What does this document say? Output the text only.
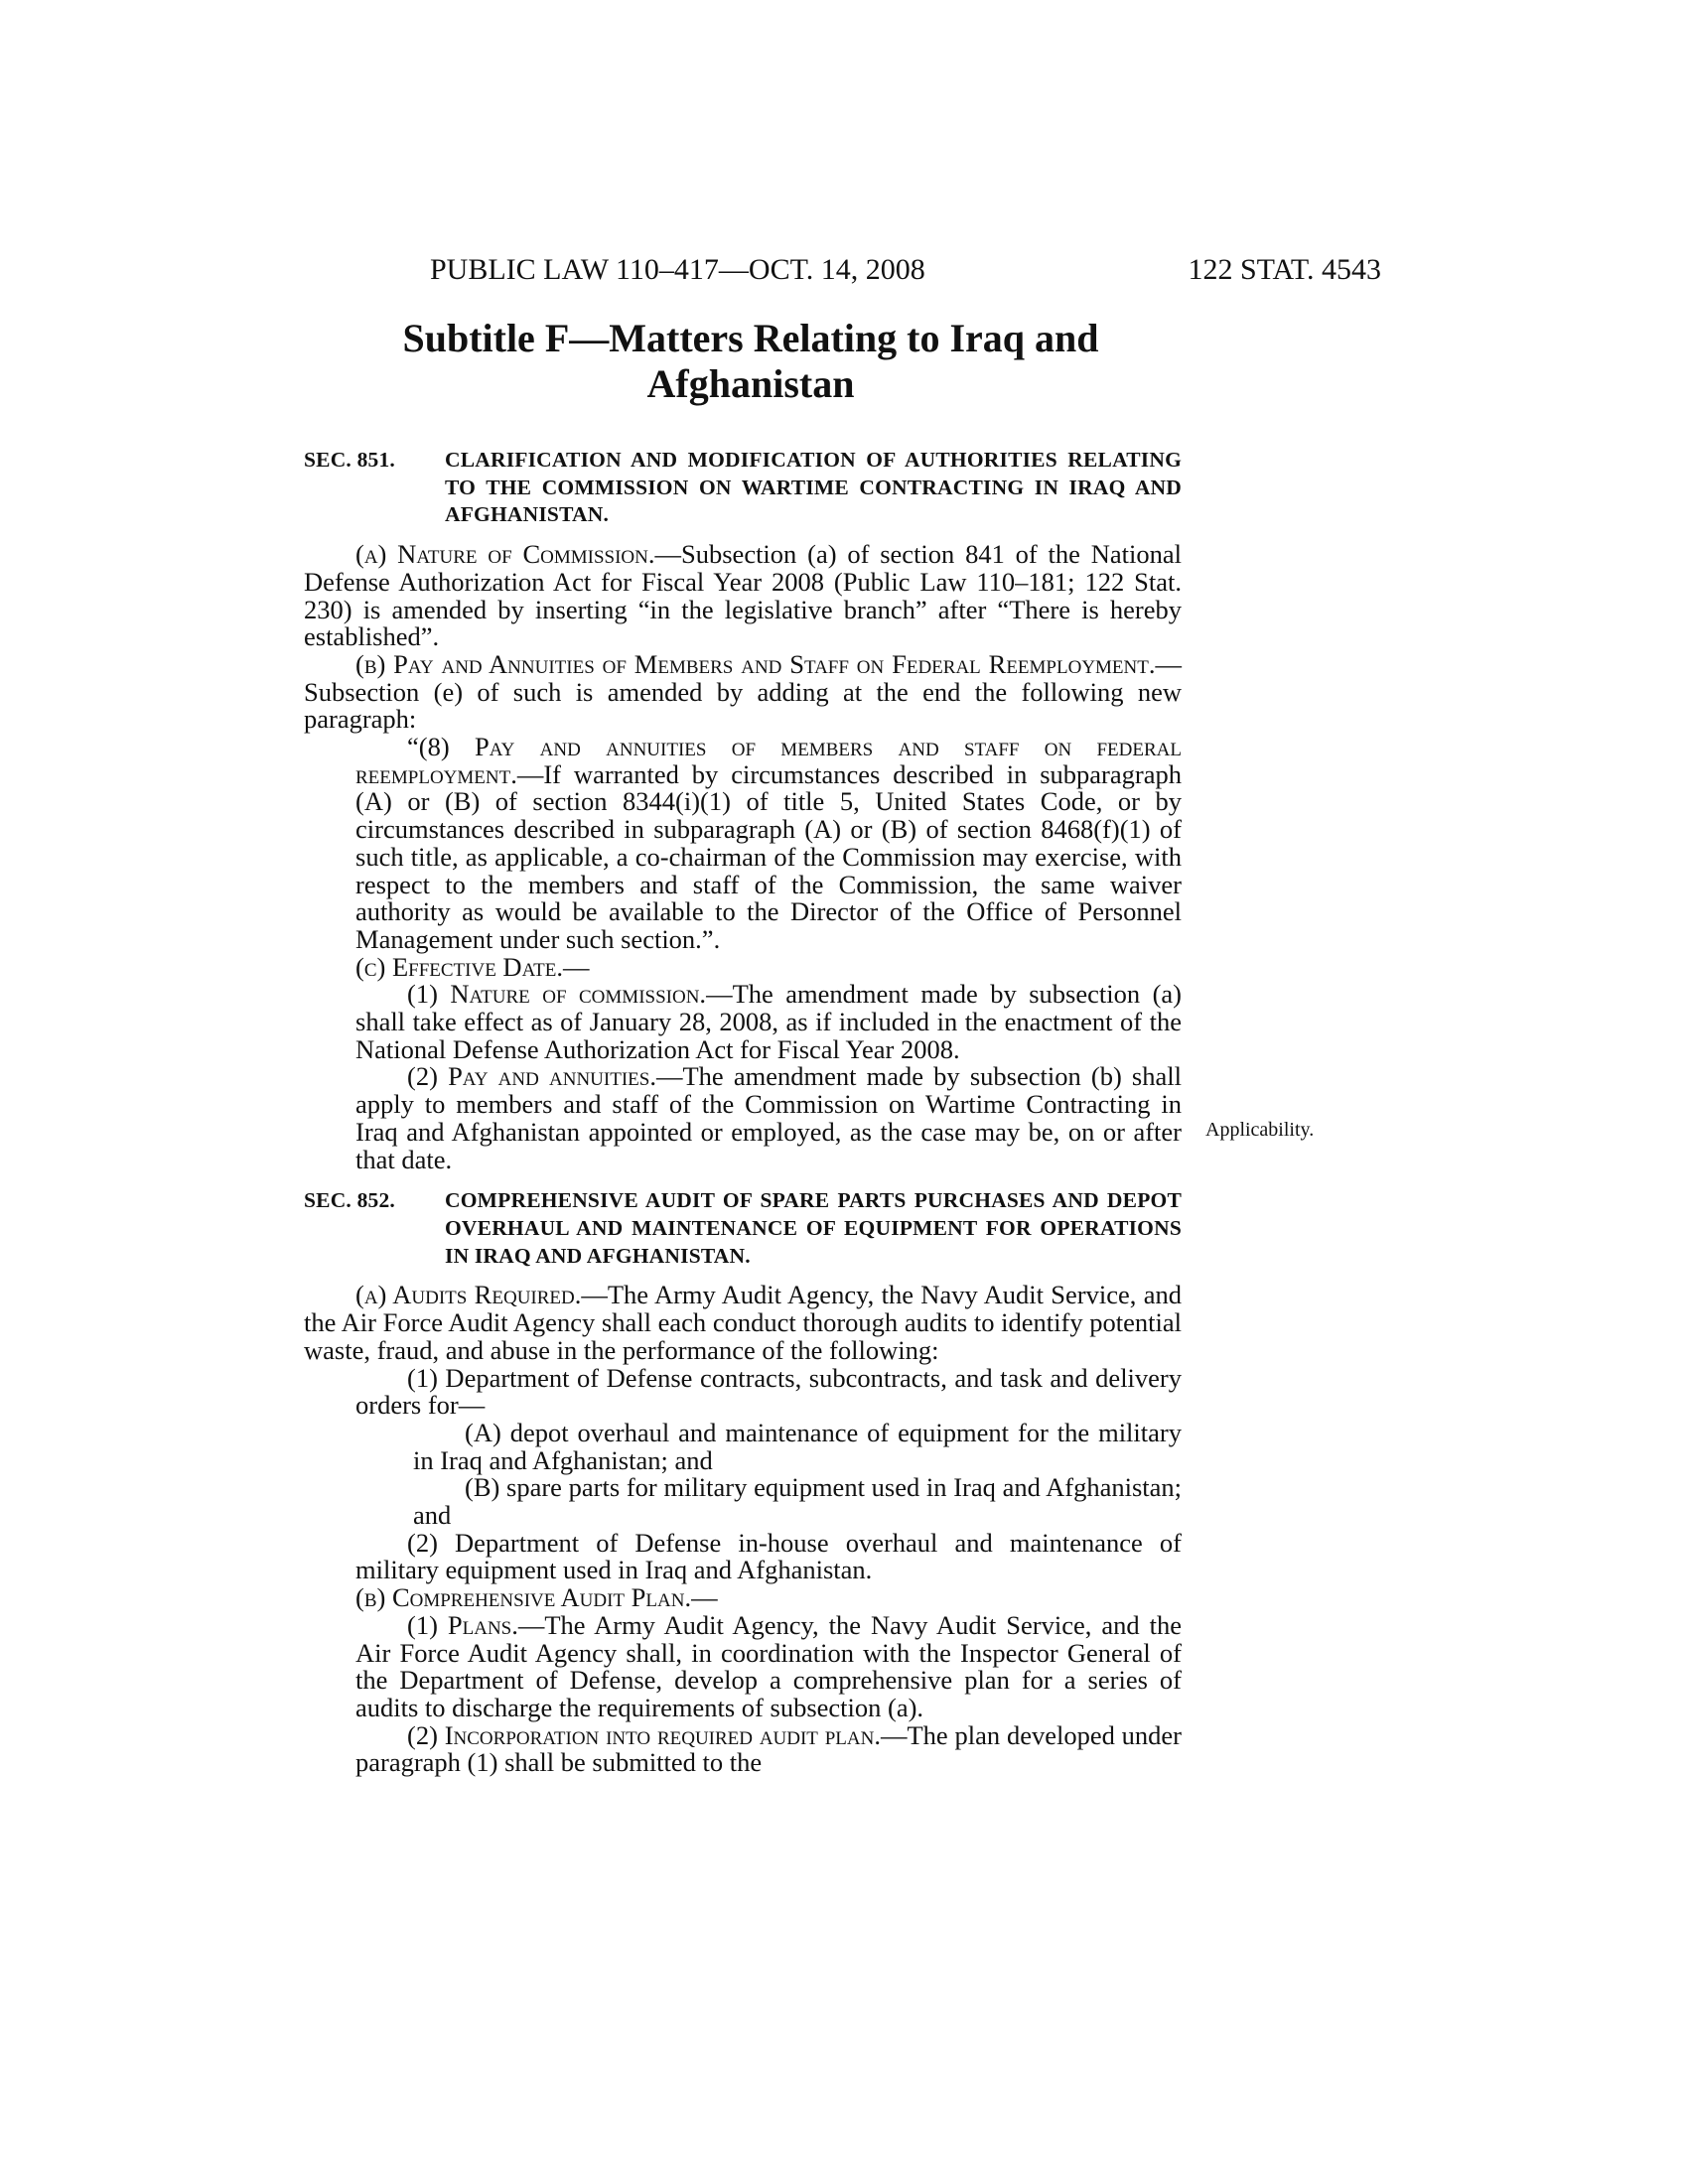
PUBLIC LAW 110–417—OCT. 14, 2008	122 STAT. 4543
Subtitle F—Matters Relating to Iraq and
Afghanistan
SEC. 851. CLARIFICATION AND MODIFICATION OF AUTHORITIES RELATING TO THE COMMISSION ON WARTIME CONTRACTING IN IRAQ AND AFGHANISTAN.

(a) Nature of Commission.—Subsection (a) of section 841 of the National Defense Authorization Act for Fiscal Year 2008 (Public Law 110–181; 122 Stat. 230) is amended by inserting “in the legislative branch” after “There is hereby established”.

(b) Pay and Annuities of Members and Staff on Federal Reemployment.—Subsection (e) of such is amended by adding at the end the following new paragraph:

“(8) Pay and annuities of members and staff on federal reemployment.—If warranted by circumstances described in subparagraph (A) or (B) of section 8344(i)(1) of title 5, United States Code, or by circumstances described in subparagraph (A) or (B) of section 8468(f)(1) of such title, as applicable, a co-chairman of the Commission may exercise, with respect to the members and staff of the Commission, the same waiver authority as would be available to the Director of the Office of Personnel Management under such section.”.

(c) Effective Date.—

(1) Nature of commission.—The amendment made by subsection (a) shall take effect as of January 28, 2008, as if included in the enactment of the National Defense Authorization Act for Fiscal Year 2008.

(2) Pay and annuities.—The amendment made by subsection (b) shall apply to members and staff of the Commission on Wartime Contracting in Iraq and Afghanistan appointed or employed, as the case may be, on or after that date.

SEC. 852. COMPREHENSIVE AUDIT OF SPARE PARTS PURCHASES AND DEPOT OVERHAUL AND MAINTENANCE OF EQUIPMENT FOR OPERATIONS IN IRAQ AND AFGHANISTAN.

(a) Audits Required.—The Army Audit Agency, the Navy Audit Service, and the Air Force Audit Agency shall each conduct thorough audits to identify potential waste, fraud, and abuse in the performance of the following:

(1) Department of Defense contracts, subcontracts, and task and delivery orders for—

(A) depot overhaul and maintenance of equipment for the military in Iraq and Afghanistan; and

(B) spare parts for military equipment used in Iraq and Afghanistan; and

(2) Department of Defense in-house overhaul and maintenance of military equipment used in Iraq and Afghanistan.

(b) Comprehensive Audit Plan.—

(1) Plans.—The Army Audit Agency, the Navy Audit Service, and the Air Force Audit Agency shall, in coordination with the Inspector General of the Department of Defense, develop a comprehensive plan for a series of audits to discharge the requirements of subsection (a).

(2) Incorporation into required audit plan.—The plan developed under paragraph (1) shall be submitted to the

Applicability.
